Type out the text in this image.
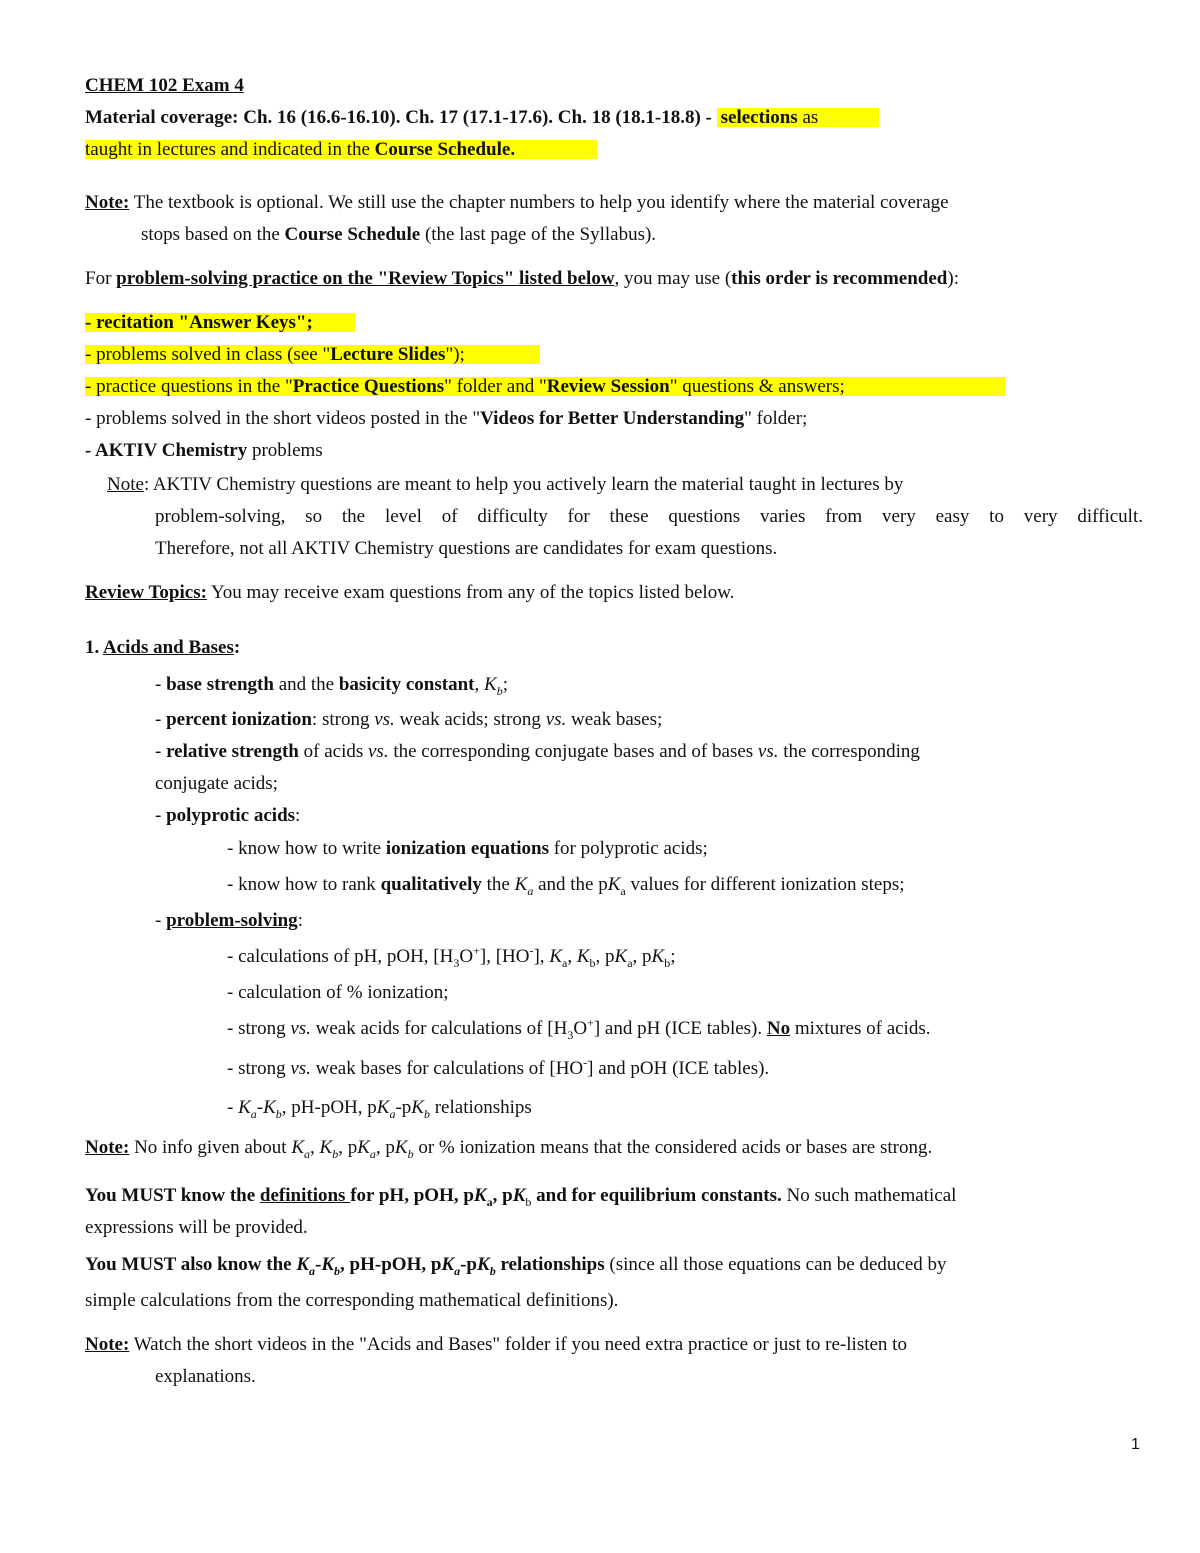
CHEM 102 Exam 4
Material coverage: Ch. 16 (16.6-16.10). Ch. 17 (17.1-17.6). Ch. 18 (18.1-18.8) - selections as
taught in lectures and indicated in the Course Schedule.
Note: The textbook is optional. We still use the chapter numbers to help you identify where the material coverage
stops based on the Course Schedule (the last page of the Syllabus).
For problem-solving practice on the "Review Topics" listed below, you may use (this order is recommended):
- recitation "Answer Keys";
- problems solved in class (see "Lecture Slides");
- practice questions in the "Practice Questions" folder and "Review Session" questions & answers;
- problems solved in the short videos posted in the "Videos for Better Understanding" folder;
- AKTIV Chemistry problems
Note: AKTIV Chemistry questions are meant to help you actively learn the material taught in lectures by
problem-solving, so the level of difficulty for these questions varies from very easy to very difficult.
Therefore, not all AKTIV Chemistry questions are candidates for exam questions.
Review Topics: You may receive exam questions from any of the topics listed below.
1. Acids and Bases:
- base strength and the basicity constant, $K_b$;
- percent ionization: strong vs. weak acids; strong vs. weak bases;
- relative strength of acids vs. the corresponding conjugate bases and of bases vs. the corresponding
conjugate acids;
- polyprotic acids:
- know how to write ionization equations for polyprotic acids;
- know how to rank qualitatively the $K_a$ and the $pK_a$ values for different ionization steps;
- problem-solving:
- calculations of pH, pOH, $[H_3O^+]$, [HO-], $K_a$, $K_b$, $pK_a$, $pK_b$;
- calculation of % ionization;
- strong vs. weak acids for calculations of $[H_3O^+]$ and pH (ICE tables). No mixtures of acids.
- strong vs. weak bases for calculations of [HO-] and pOH (ICE tables).
- $K_a-K_b$, pH-pOH, $pK_a-pK_b$ relationships
Note: No info given about $K_a$, $K_b$, $pK_a$, $pK_b$ or % ionization means that the considered acids or bases are strong.
You MUST know the definitions for pH, pOH, $pK_a$, $pK_b$ and for equilibrium constants. No such mathematical
expressions will be provided.
You MUST also know the $K_a-K_b$, pH-pOH, $pK_a-pK_b$ relationships (since all those equations can be deduced by
simple calculations from the corresponding mathematical definitions).
Note: Watch the short videos in the "Acids and Bases" folder if you need extra practice or just to re-listen to
explanations.
1
